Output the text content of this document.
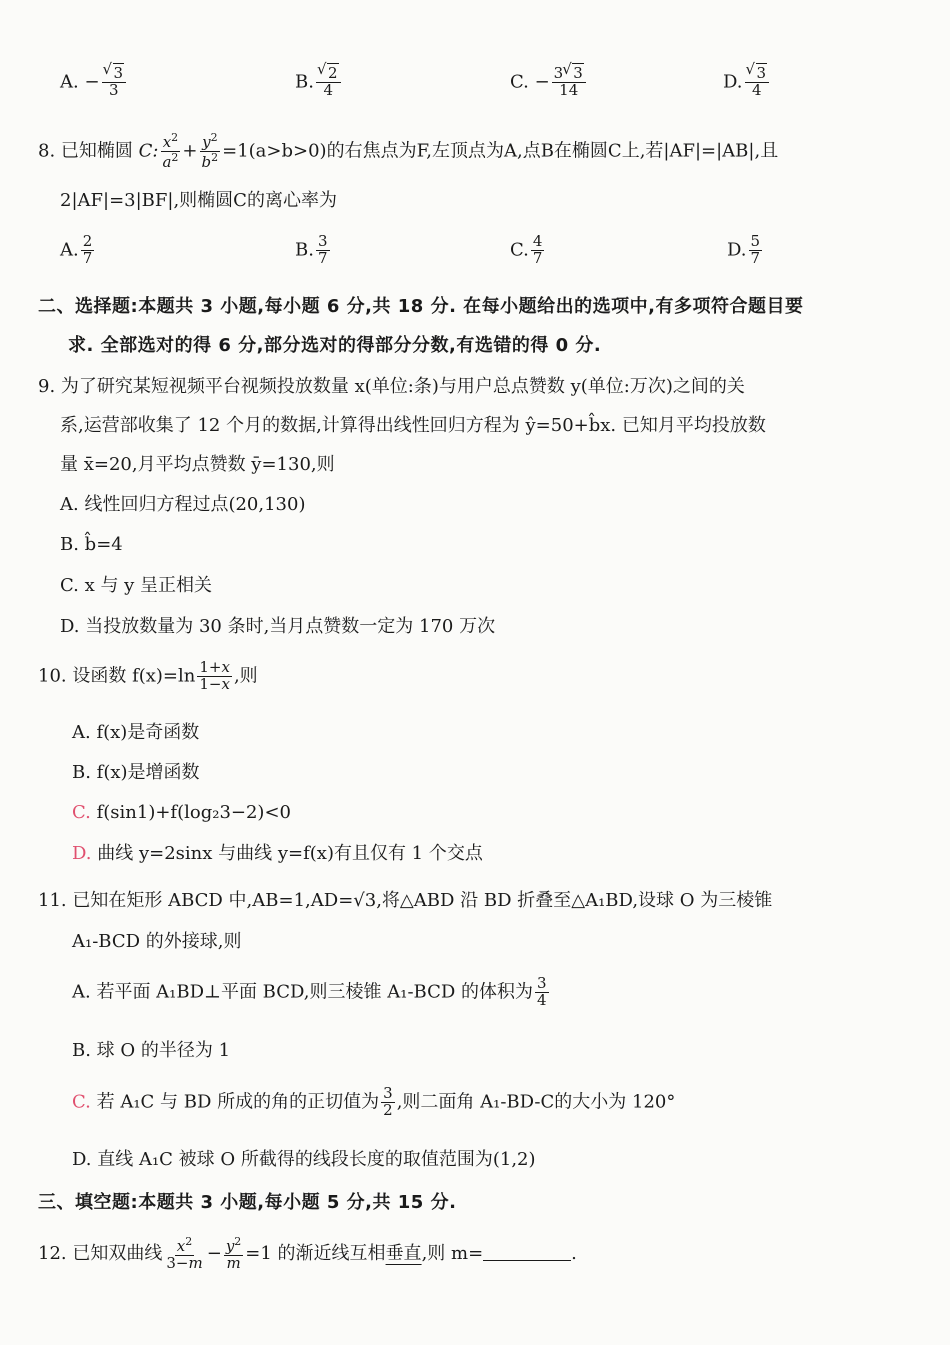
A. − √ $\frac{3}{3}$	B. √ $\frac{2}{4}$	C. − $\frac{3 √ 3}{14}$	D. √ $\frac{3}{4}$
8. 已知椭圆 C: $\frac{x^2}{a^2} + \frac{y^2}{b^2} =1(a>b>0)$的右焦点为F,左顶点为A,点B在椭圆C上,若|AF|=|AB|,且
2|AF|=3|BF|,则椭圆C的离心率为
A. $\frac{2}{7}$	B. $\frac{3}{7}$	C. $\frac{4}{7}$	D. $\frac{5}{7}$
二、选择题:本题共 3 小题,每小题 6 分,共 18 分. 在每小题给出的选项中,有多项符合题目要
求. 全部选对的得 6 分,部分选对的得部分分数,有选错的得 0 分.
9. 为了研究某短视频平台视频投放数量 x(单位:条)与用户总点赞数 y(单位:万次)之间的关
系,运营部收集了 12 个月的数据,计算得出线性回归方程为 ŷ=50+b̂x. 已知月平均投放数
量 x̄=20,月平均点赞数 ȳ=130,则
A. 线性回归方程过点(20,130)
B. b̂=4
C. x 与 y 呈正相关
D. 当投放数量为 30 条时,当月点赞数一定为 170 万次
10. 设函数 $f(x)=\ln \frac{1+x}{1-x}$ ,则
A. f(x)是奇函数
B. f(x)是增函数
C. f(sin1)+f(log₂3−2)<0
D. 曲线 y=2sinx 与曲线 y=f(x)有且仅有 1 个交点
11. 已知在矩形 ABCD 中,AB=1,AD=√3,将△ABD 沿 BD 折叠至△A₁BD,设球 O 为三棱锥
A₁-BCD 的外接球,则
A. 若平面 A₁BD⊥平面 BCD,则三棱锥 A₁-BCD 的体积为 $\frac{3}{4}$
B. 球 O 的半径为 1
C. 若 A₁C 与 BD 所成的角的正切值为 $\frac{3}{2}$ ,则二面角 A₁-BD-C的大小为 120°
D. 直线 A₁C 被球 O 所截得的线段长度的取值范围为(1,2)
三、填空题:本题共 3 小题,每小题 5 分,共 15 分.
12. 已知双曲线 $\frac{x^2}{3-m} - \frac{y^2}{m} =1$ 的渐近线互相垂直,则 m=	.
